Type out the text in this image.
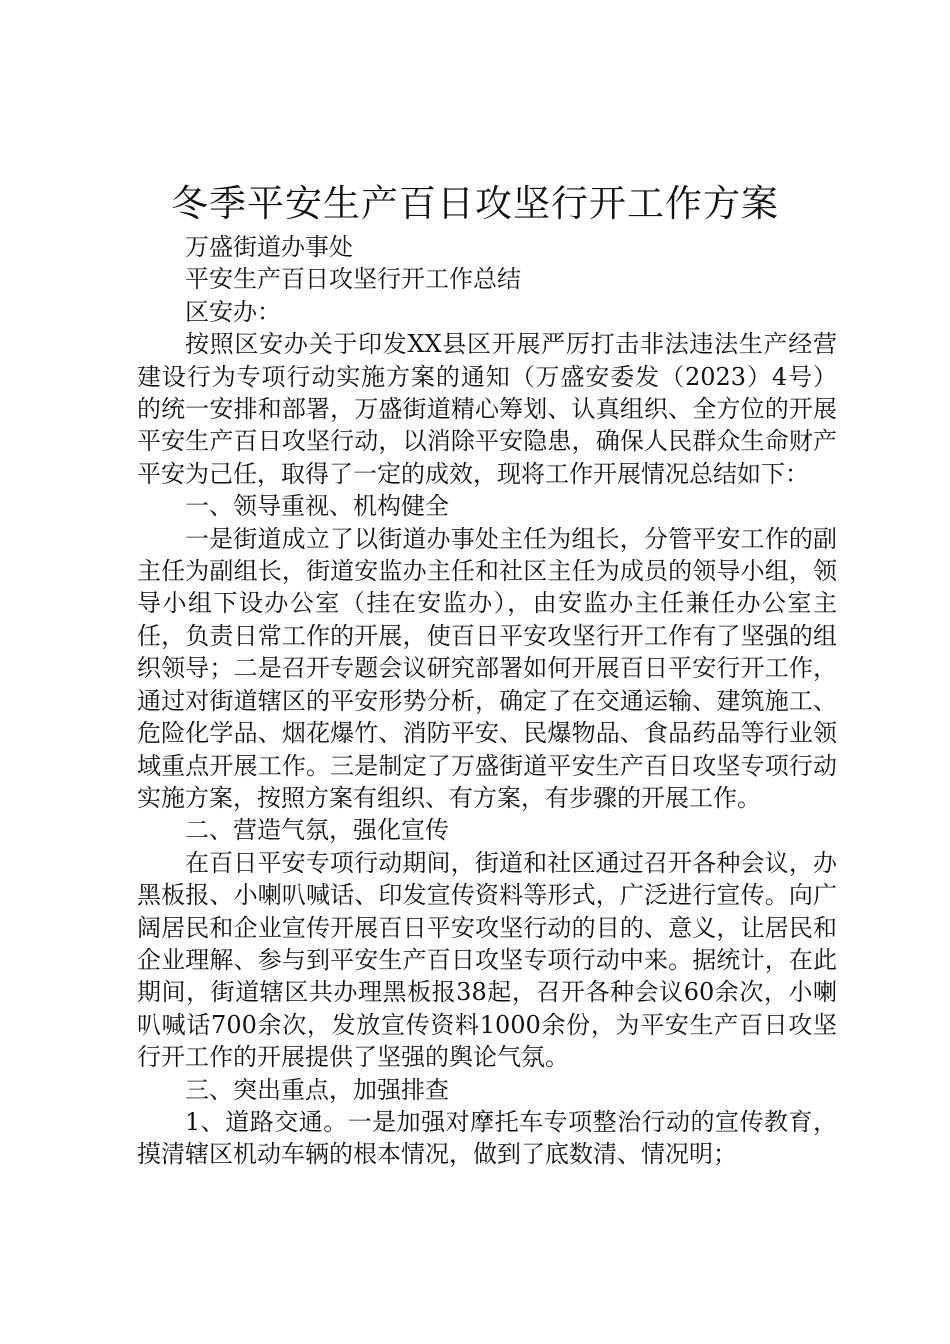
冬季平安生产百日攻坚行开工作方案

万盛街道办事处

平安生产百日攻坚行开工作总结

区安办：

按照区安办关于印发XX县区开展严厉打击非法违法生产经营建设行为专项行动实施方案的通知（万盛安委发（2023）4号）的统一安排和部署，万盛街道精心筹划、认真组织、全方位的开展平安生产百日攻坚行动，以消除平安隐患，确保人民群众生命财产平安为己任，取得了一定的成效，现将工作开展情况总结如下：

一、领导重视、机构健全

一是街道成立了以街道办事处主任为组长，分管平安工作的副主任为副组长，街道安监办主任和社区主任为成员的领导小组，领导小组下设办公室（挂在安监办），由安监办主任兼任办公室主任，负责日常工作的开展，使百日平安攻坚行开工作有了坚强的组织领导；二是召开专题会议研究部署如何开展百日平安行开工作，通过对街道辖区的平安形势分析，确定了在交通运输、建筑施工、危险化学品、烟花爆竹、消防平安、民爆物品、食品药品等行业领域重点开展工作。三是制定了万盛街道平安生产百日攻坚专项行动实施方案，按照方案有组织、有方案，有步骤的开展工作。

二、营造气氛，强化宣传

在百日平安专项行动期间，街道和社区通过召开各种会议，办黑板报、小喇叭喊话、印发宣传资料等形式，广泛进行宣传。向广阔居民和企业宣传开展百日平安攻坚行动的目的、意义，让居民和企业理解、参与到平安生产百日攻坚专项行动中来。据统计，在此期间，街道辖区共办理黑板报38起，召开各种会议60余次，小喇叭喊话700余次，发放宣传资料1000余份，为平安生产百日攻坚行开工作的开展提供了坚强的舆论气氛。

三、突出重点，加强排查

1、道路交通。一是加强对摩托车专项整治行动的宣传教育，摸清辖区机动车辆的根本情况，做到了底数清、情况明；
